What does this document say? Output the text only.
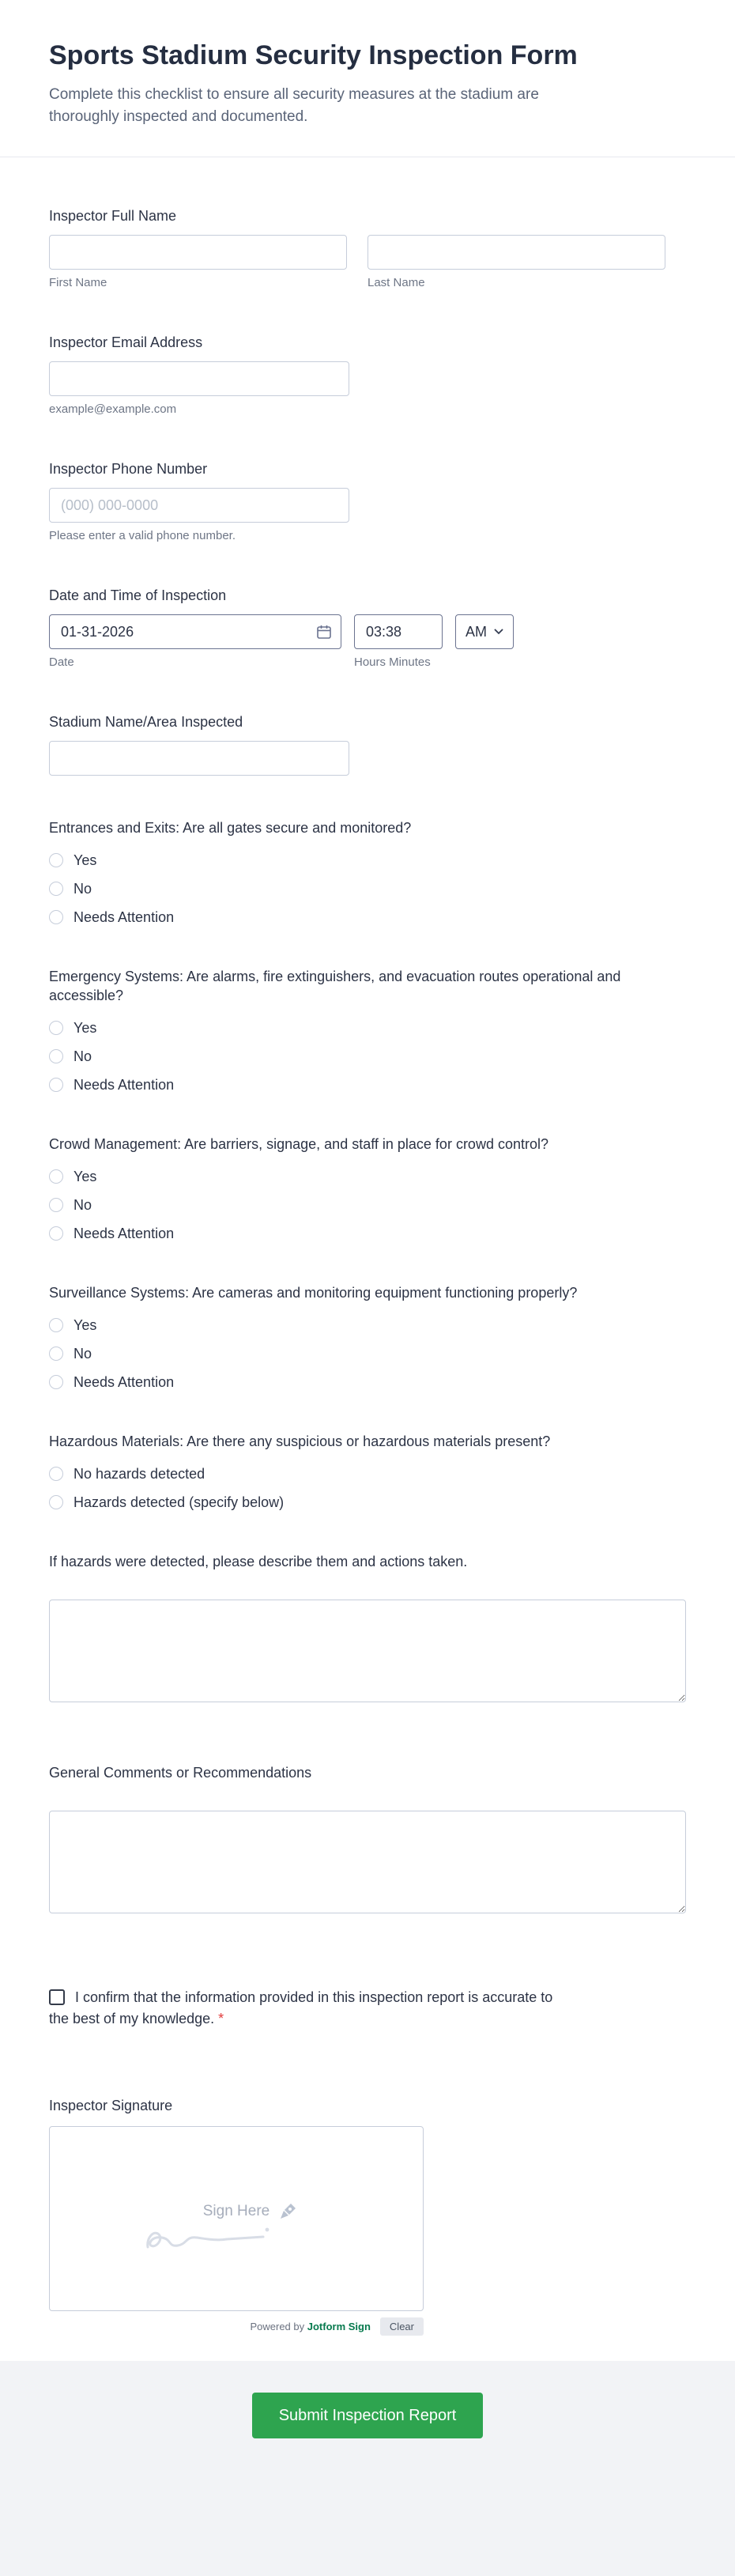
Sports Stadium Security Inspection Form

Complete this checklist to ensure all security measures at the stadium are thoroughly inspected and documented.

Inspector Full Name
First Name	Last Name
Inspector Email Address
example@example.com
Inspector Phone Number
(000) 000-0000
Please enter a valid phone number.
Date and Time of Inspection
01-31-2026
Date
03:38	Hours Minutes
AM
Stadium Name/Area Inspected
Entrances and Exits: Are all gates secure and monitored?
Yes
No
Needs Attention
Emergency Systems: Are alarms, fire extinguishers, and evacuation routes operational and accessible?
Yes
No
Needs Attention
Crowd Management: Are barriers, signage, and staff in place for crowd control?
Yes
No
Needs Attention
Surveillance Systems: Are cameras and monitoring equipment functioning properly?
Yes
No
Needs Attention
Hazardous Materials: Are there any suspicious or hazardous materials present?
No hazards detected
Hazards detected (specify below)
If hazards were detected, please describe them and actions taken.
General Comments or Recommendations
I confirm that the information provided in this inspection report is accurate to the best of my knowledge. *
Inspector Signature
Sign Here
Powered by Jotform Sign	Clear
Submit Inspection Report
